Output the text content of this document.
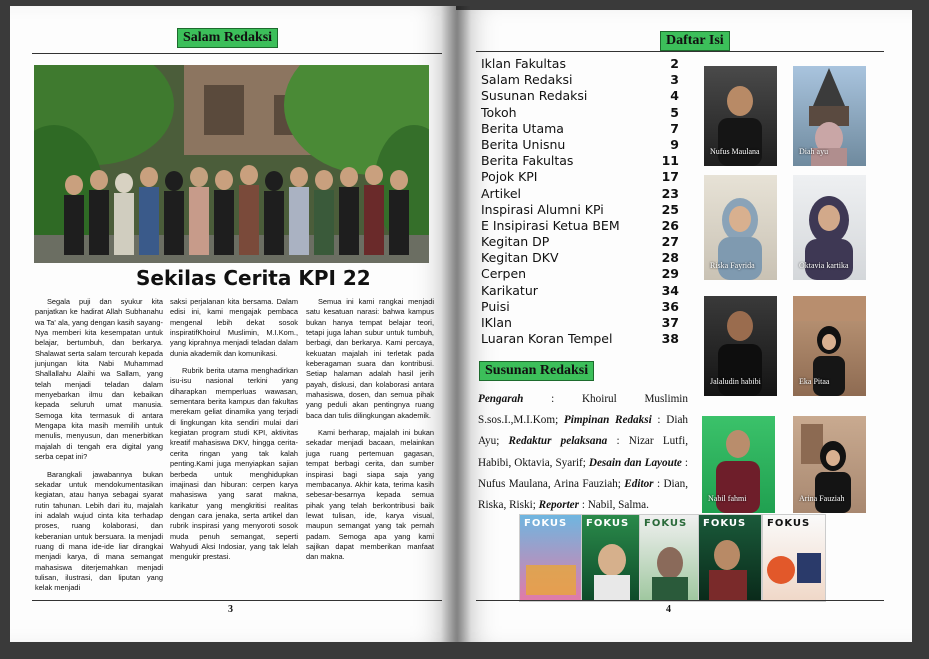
Salam Redaksi
Sekilas Cerita KPI 22

Segala puji dan syukur kita panjatkan ke hadirat Allah Subhanahu wa Ta' ala, yang dengan kasih sayang-Nya memberi kita kesempatan untuk belajar, bertumbuh, dan berkarya. Shalawat serta salam tercurah kepada junjungan kita Nabi Muhammad Shallallahu Alaihi wa Sallam, yang telah menjadi teladan dalam menyebarkan ilmu dan kebaikan kepada seluruh umat manusia. Semoga kita termasuk di antara Mengapa kita masih memilih untuk menulis, menyusun, dan menerbitkan majalah di tengah era digital yang serba cepat ini?

Barangkali jawabannya bukan sekadar untuk mendokumentasikan kegiatan, atau hanya sebagai syarat rutin tahunan. Lebih dari itu, majalah ini adalah wujud cinta kita terhadap proses, ruang kolaborasi, dan keberanian untuk bersuara. Ia menjadi ruang di mana ide-ide liar dirangkai menjadi karya, di mana semangat mahasiswa diterjemahkan menjadi tulisan, ilustrasi, dan liputan yang kelak menjadi

saksi perjalanan kita bersama. Dalam edisi ini, kami mengajak pembaca mengenal lebih dekat sosok inspiratifKhoirul Muslimin, M.I.Kom., yang kiprahnya menjadi teladan dalam dunia akademik dan komunikasi.

Rubrik berita utama menghadirkan isu-isu nasional terkini yang diharapkan memperluas wawasan, sementara berita kampus dan fakultas merekam geliat dinamika yang terjadi di lingkungan kita sendiri mulai dari kegiatan program studi KPI, aktivitas kreatif mahasiswa DKV, hingga cerita-cerita ringan yang tak kalah penting.Kami juga menyiapkan sajian berbeda untuk menghidupkan imajinasi dan hiburan: cerpen karya mahasiswa yang sarat makna, karikatur yang mengkritisi realitas dengan cara jenaka, serta artikel dan rubrik inspirasi yang menyoroti sosok muda penuh semangat, seperti Wahyudi Aksi Indosiar, yang tak lelah mengukir prestasi.

Semua ini kami rangkai menjadi satu kesatuan narasi: bahwa kampus bukan hanya tempat belajar teori, tetapi juga lahan subur untuk tumbuh, berbagi, dan berkarya. Kami percaya, kekuatan majalah ini terletak pada keberagaman suara dan kontribusi. Setiap halaman adalah hasil jerih payah, diskusi, dan kolaborasi antara mahasiswa, dosen, dan semua pihak yang peduli akan pentingnya ruang baca dan tulis dilingkungan akademik.

Kami berharap, majalah ini bukan sekadar menjadi bacaan, melainkan juga ruang pertemuan gagasan, tempat berbagi cerita, dan sumber inspirasi bagi siapa saja yang membacanya. Akhir kata, terima kasih sebesar-besarnya kepada semua pihak yang telah berkontribusi baik lewat tulisan, ide, karya visual, maupun semangat yang tak pernah padam. Semoga apa yang kami sajikan dapat memberikan manfaat dan makna.

3
Daftar Isi
Iklan Fakultas	2
Salam Redaksi	3
Susunan Redaksi	4
Tokoh	5
Berita Utama	7
Berita Unisnu	9
Berita Fakultas	11
Pojok KPI	17
Artikel	23
Inspirasi Alumni KPi	25
E Insipirasi Ketua BEM	26
Kegitan DP	27
Kegitan DKV	28
Cerpen	29
Karikatur	34
Puisi	36
IKlan	37
Luaran Koran Tempel	38
Susunan Redaksi
Pengarah : Khoirul Muslimin S.sos.I.,M.I.Kom; Pimpinan Redaksi : Diah Ayu; Redaktur pelaksana : Nizar Lutfi, Habibi, Oktavia, Syarif; Desain dan Layoute : Nufus Maulana, Arina Fauziah; Editor : Dian, Riska, Riski; Reporter : Nabil, Salma.
Nufus Maulana	Diah ayu
Riska Fayrida	Oktavia kartika
Jalaludin habibi	Eka Pitaa
Nabil fahmi	Arina Fauziah
FOKUS FOKUS FOKUS FOKUS FOKUS
4
